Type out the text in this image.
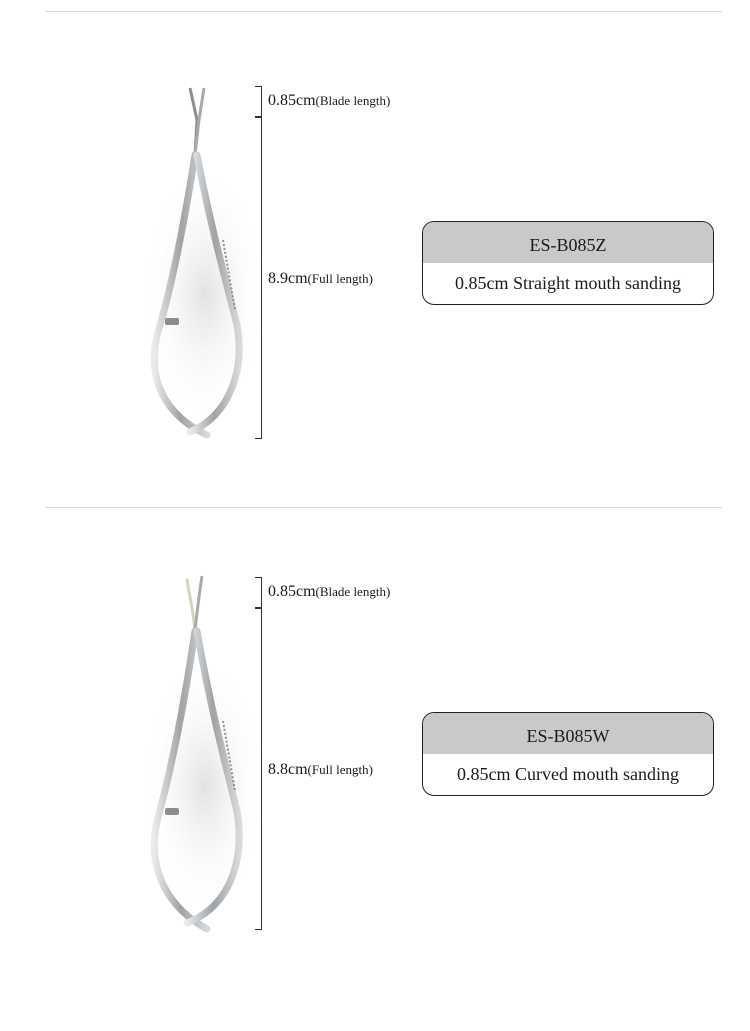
0.85cm(Blade length)
8.9cm(Full length)
ES-B085Z
0.85cm Straight mouth sanding
0.85cm(Blade length)
8.8cm(Full length)
ES-B085W
0.85cm Curved mouth sanding
